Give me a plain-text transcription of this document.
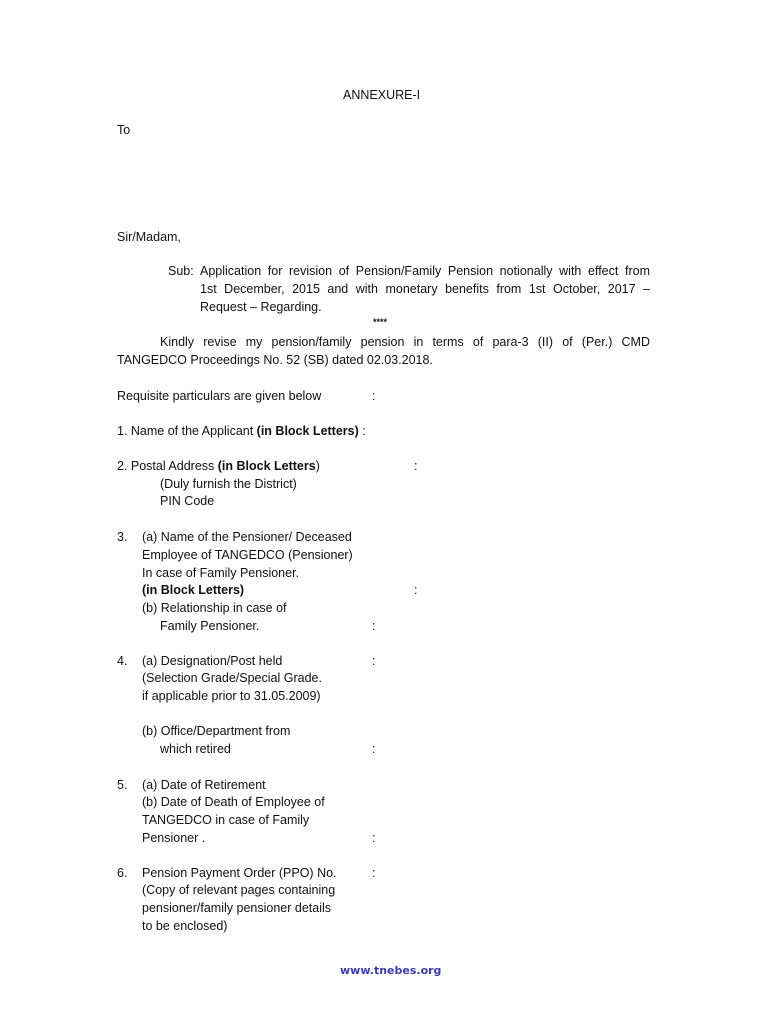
ANNEXURE-I
To
Sir/Madam,
Sub: Application for revision of Pension/Family Pension notionally with effect from
1st December, 2015 and with monetary benefits from 1st October, 2017 –
Request – Regarding.
****
Kindly revise my pension/family pension in terms of para-3 (II) of (Per.) CMD
TANGEDCO Proceedings No. 52 (SB) dated 02.03.2018.
Requisite particulars are given below	:
1. Name of the Applicant (in Block Letters) :
2. Postal Address (in Block Letters)	:
(Duly furnish the District)
PIN Code
3. (a) Name of the Pensioner/ Deceased
Employee of TANGEDCO (Pensioner)
In case of Family Pensioner.
(in Block Letters)	:
(b) Relationship in case of
Family Pensioner.	:
4. (a) Designation/Post held	:
(Selection Grade/Special Grade.
if applicable prior to 31.05.2009)
(b) Office/Department from
which retired	:
5. (a) Date of Retirement
(b) Date of Death of Employee of
TANGEDCO in case of Family
Pensioner .	:
6. Pension Payment Order (PPO) No.	:
(Copy of relevant pages containing
pensioner/family pensioner details
to be enclosed)
www.tnebes.org
